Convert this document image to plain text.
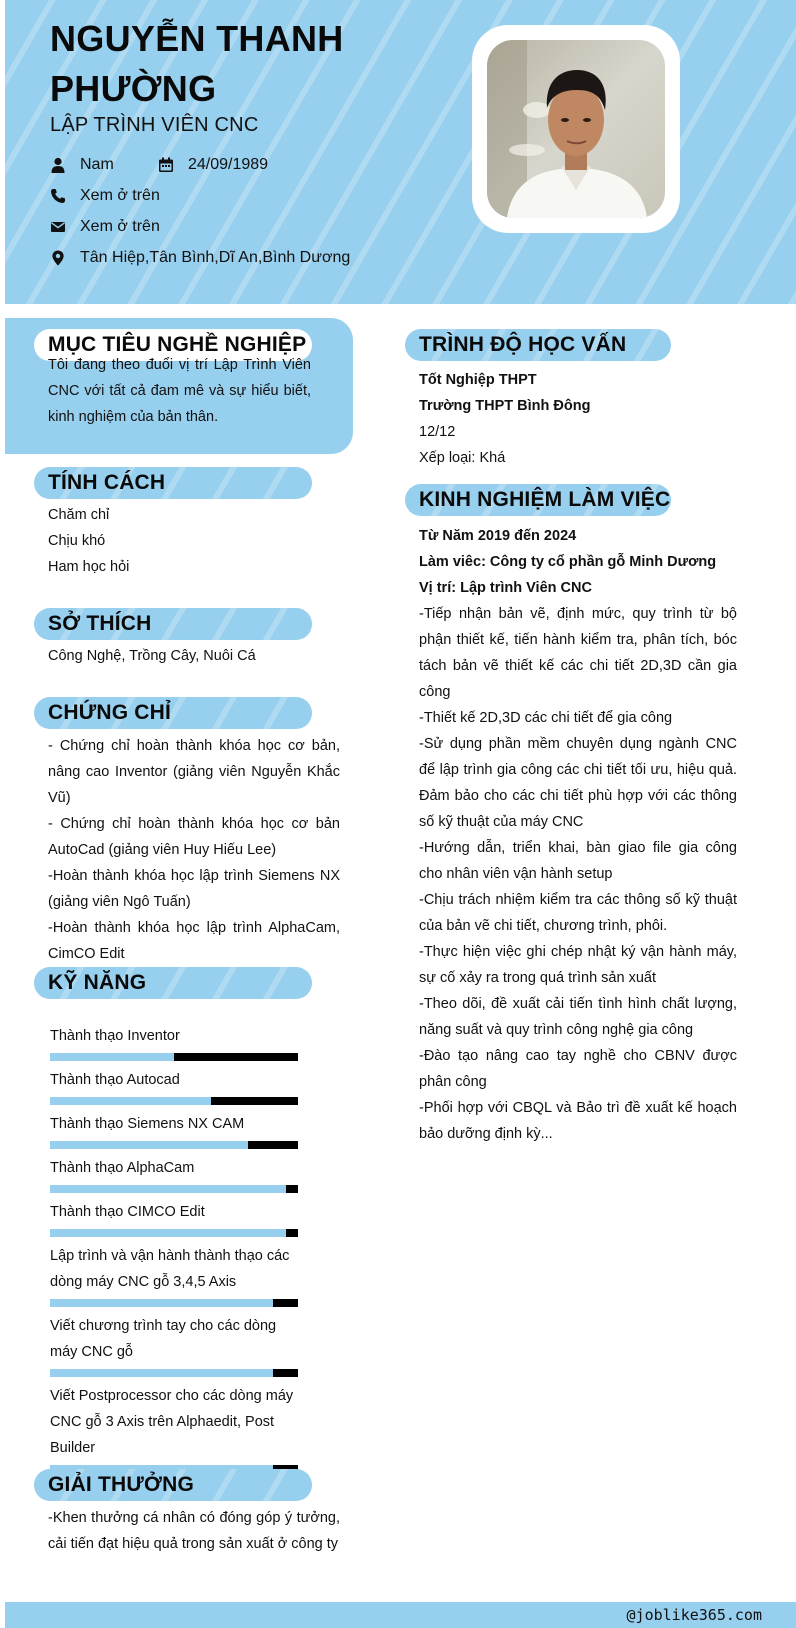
NGUYỄN THANH PHƯỜNG
LẬP TRÌNH VIÊN CNC
Nam	24/09/1989
Xem ở trên
Xem ở trên
Tân Hiệp,Tân Bình,Dĩ An,Bình Dương
MỤC TIÊU NGHỀ NGHIỆP

Tôi đang theo đuổi vị trí Lập Trình Viên CNC với tất cả đam mê và sự hiểu biết, kinh nghiệm của bản thân.

TÍNH CÁCH
Chăm chỉ
Chịu khó
Ham học hỏi
SỞ THÍCH

Công Nghệ, Trồng Cây, Nuôi Cá

CHỨNG CHỈ
- Chứng chỉ hoàn thành khóa học cơ bản, nâng cao Inventor (giảng viên Nguyễn Khắc Vũ)
- Chứng chỉ hoàn thành khóa học cơ bản AutoCad (giảng viên Huy Hiếu Lee)
-Hoàn thành khóa học lập trình Siemens NX (giảng viên Ngô Tuấn)
-Hoàn thành khóa học lập trình AlphaCam, CimCO Edit
KỸ NĂNG
Thành thạo Inventor
Thành thạo Autocad
Thành thạo Siemens NX CAM
Thành thạo AlphaCam
Thành thạo CIMCO Edit
Lập trình và vận hành thành thạo các dòng máy CNC gỗ 3,4,5 Axis
Viết chương trình tay cho các dòng máy CNC gỗ
Viết Postprocessor cho các dòng máy CNC gỗ 3 Axis trên Alphaedit, Post Builder
GIẢI THƯỞNG

-Khen thưởng cá nhân có đóng góp ý tưởng, cải tiến đạt hiệu quả trong sản xuất ở công ty

TRÌNH ĐỘ HỌC VẤN
Tốt Nghiệp THPT
Trường THPT Bình Đông
12/12
Xếp loại: Khá
KINH NGHIỆM LÀM VIỆC
Từ Năm 2019 đến 2024
Làm viêc: Công ty cổ phần gỗ Minh Dương
Vị trí: Lập trình Viên CNC
-Tiếp nhận bản vẽ, định mức, quy trình từ bộ phận thiết kế, tiến hành kiểm tra, phân tích, bóc tách bản vẽ thiết kế các chi tiết 2D,3D cần gia công
-Thiết kế 2D,3D các chi tiết để gia công
-Sử dụng phần mềm chuyên dụng ngành CNC để lập trình gia công các chi tiết tối ưu, hiệu quả. Đảm bảo cho các chi tiết phù hợp với các thông số kỹ thuật của máy CNC
-Hướng dẫn, triển khai, bàn giao file gia công cho nhân viên vận hành setup
-Chịu trách nhiệm kiểm tra các thông số kỹ thuật của bản vẽ chi tiết, chương trình, phôi.
-Thực hiện việc ghi chép nhật ký vận hành máy, sự cố xảy ra trong quá trình sản xuất
-Theo dõi, đề xuất cải tiến tình hình chất lượng, năng suất và quy trình công nghệ gia công
-Đào tạo nâng cao tay nghề cho CBNV được phân công
-Phối hợp với CBQL và Bảo trì đề xuất kế hoạch bảo dưỡng định kỳ...
@joblike365.com
